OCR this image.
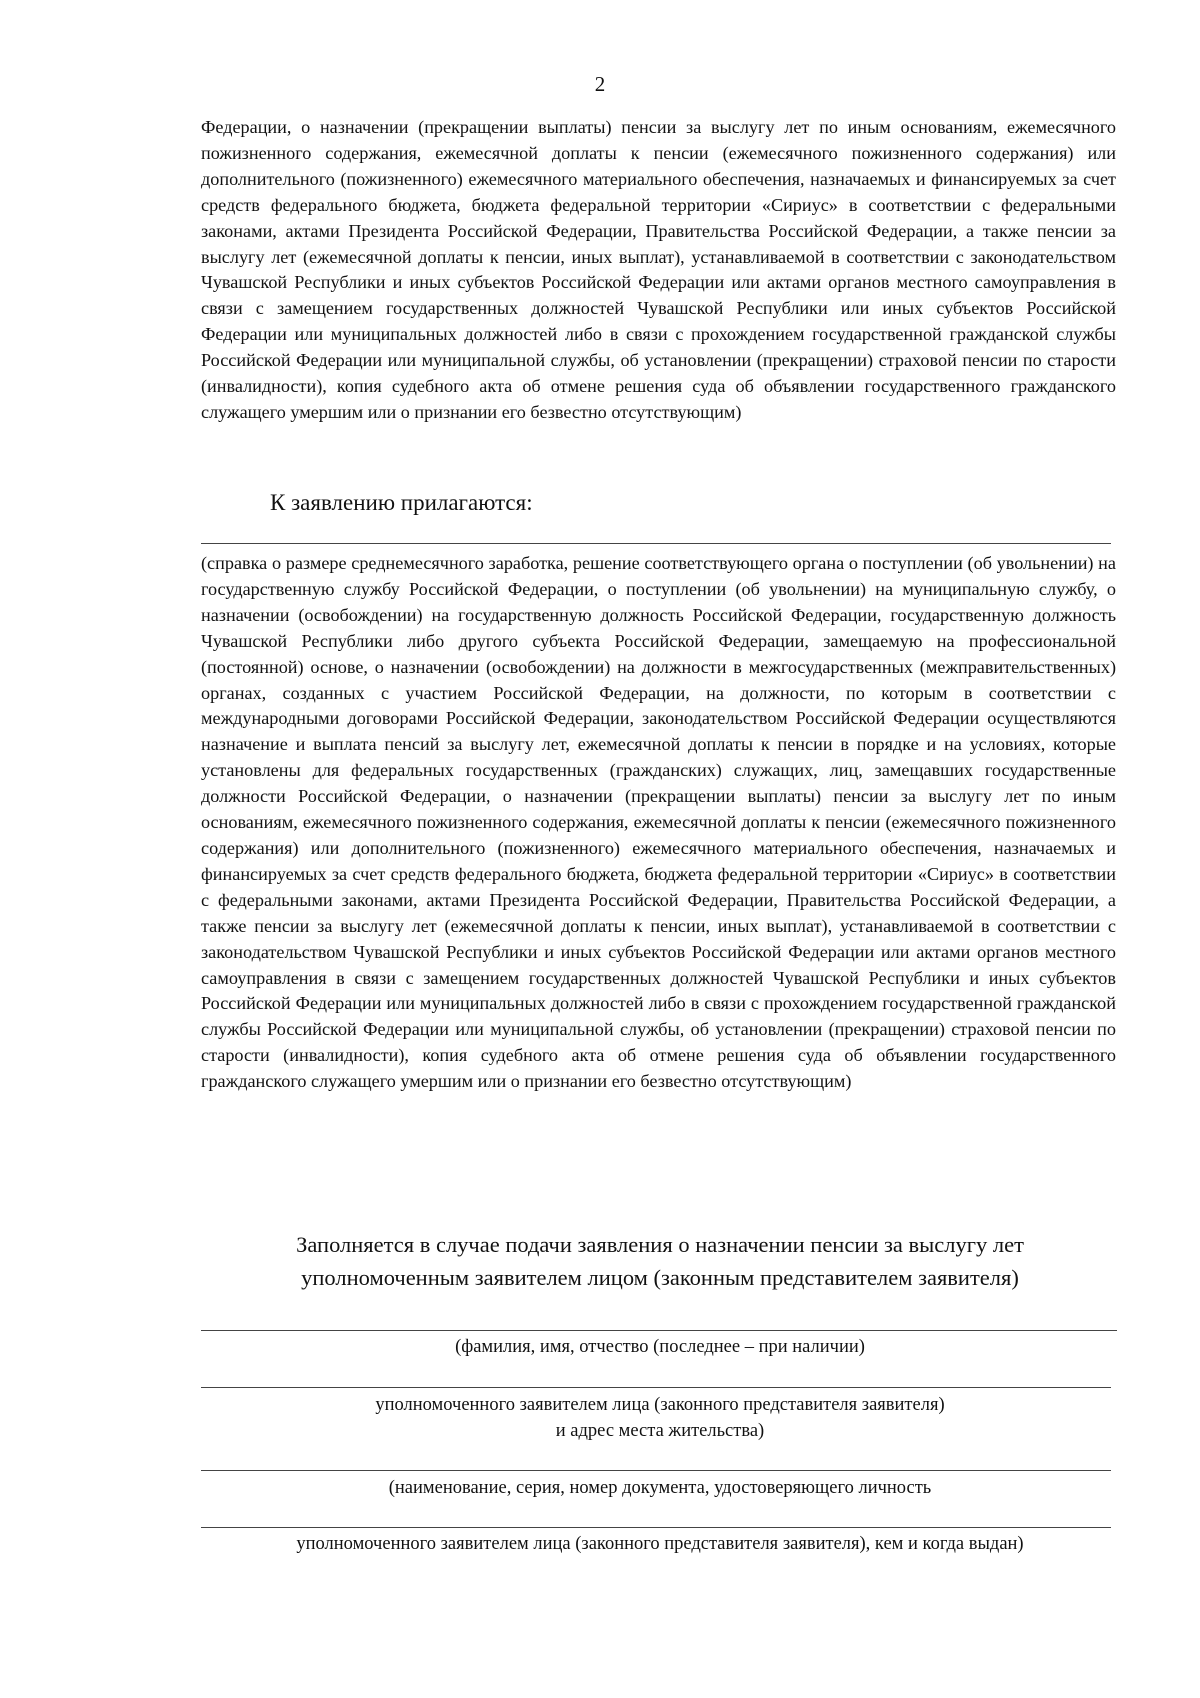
2

Федерации, о назначении (прекращении выплаты) пенсии за выслугу лет по иным основаниям, ежемесячного пожизненного содержания, ежемесячной доплаты к пенсии (ежемесячного пожизненного содержания) или дополнительного (пожизненного) ежемесячного материального обеспечения, назначаемых и финансируемых за счет средств федерального бюджета, бюджета федеральной территории «Сириус» в соответствии с федеральными законами, актами Президента Российской Федерации, Правительства Российской Федерации, а также пенсии за выслугу лет (ежемесячной доплаты к пенсии, иных выплат), устанавливаемой в соответствии с законодательством Чувашской Республики и иных субъектов Российской Федерации или актами органов местного самоуправления в связи с замещением государственных должностей Чувашской Республики или иных субъектов Российской Федерации или муниципальных должностей либо в связи с прохождением государственной гражданской службы Российской Федерации или муниципальной службы, об установлении (прекращении) страховой пенсии по старости (инвалидности), копия судебного акта об отмене решения суда об объявлении государственного гражданского служащего умершим или о признании его безвестно отсутствующим)

К заявлению прилагаются:

(справка о размере среднемесячного заработка, решение соответствующего органа о поступлении (об увольнении) на государственную службу Российской Федерации, о поступлении (об увольнении) на муниципальную службу, о назначении (освобождении) на государственную должность Российской Федерации, государственную должность Чувашской Республики либо другого субъекта Российской Федерации, замещаемую на профессиональной (постоянной) основе, о назначении (освобождении) на должности в межгосударственных (межправительственных) органах, созданных с участием Российской Федерации, на должности, по которым в соответствии с международными договорами Российской Федерации, законодательством Российской Федерации осуществляются назначение и выплата пенсий за выслугу лет, ежемесячной доплаты к пенсии в порядке и на условиях, которые установлены для федеральных государственных (гражданских) служащих, лиц, замещавших государственные должности Российской Федерации, о назначении (прекращении выплаты) пенсии за выслугу лет по иным основаниям, ежемесячного пожизненного содержания, ежемесячной доплаты к пенсии (ежемесячного пожизненного содержания) или дополнительного (пожизненного) ежемесячного материального обеспечения, назначаемых и финансируемых за счет средств федерального бюджета, бюджета федеральной территории «Сириус» в соответствии с федеральными законами, актами Президента Российской Федерации, Правительства Российской Федерации, а также пенсии за выслугу лет (ежемесячной доплаты к пенсии, иных выплат), устанавливаемой в соответствии с законодательством Чувашской Республики и иных субъектов Российской Федерации или актами органов местного самоуправления в связи с замещением государственных должностей Чувашской Республики и иных субъектов Российской Федерации или муниципальных должностей либо в связи с прохождением государственной гражданской службы Российской Федерации или муниципальной службы, об установлении (прекращении) страховой пенсии по старости (инвалидности), копия судебного акта об отмене решения суда об объявлении государственного гражданского служащего умершим или о признании его безвестно отсутствующим)

Заполняется в случае подачи заявления о назначении пенсии за выслугу лет
уполномоченным заявителем лицом (законным представителем заявителя)
(фамилия, имя, отчество (последнее – при наличии)
уполномоченного заявителем лица (законного представителя заявителя)
и адрес места жительства)
(наименование, серия, номер документа, удостоверяющего личность
уполномоченного заявителем лица (законного представителя заявителя), кем и когда выдан)
